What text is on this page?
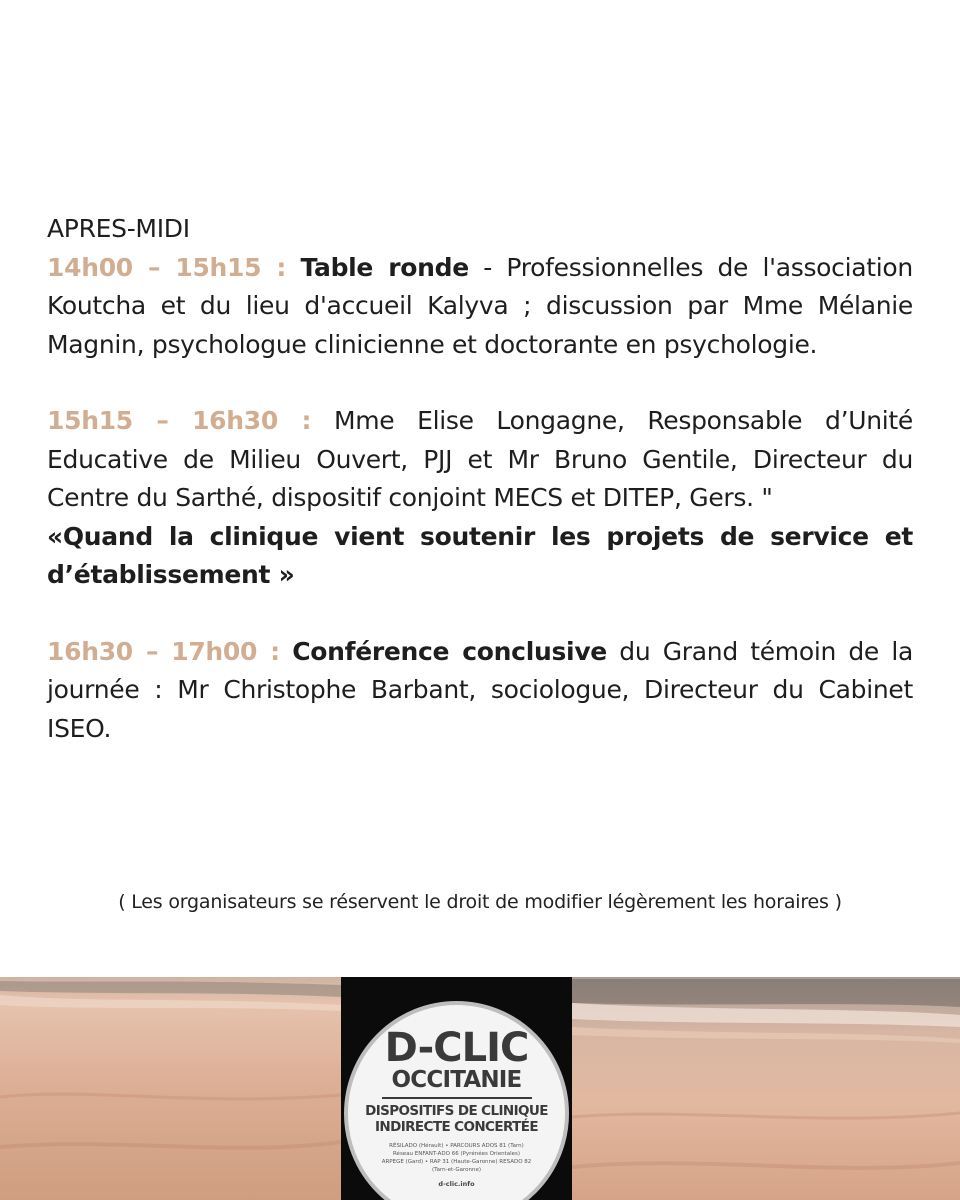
APRES-MIDI

14h00 – 15h15 : Table ronde - Professionnelles de l'association Koutcha et du lieu d'accueil Kalyva ; discussion par Mme Mélanie Magnin, psychologue clinicienne et doctorante en psychologie.

15h15 – 16h30 : Mme Elise Longagne, Responsable d’Unité Educative de Milieu Ouvert, PJJ et Mr Bruno Gentile, Directeur du Centre du Sarthé, dispositif conjoint MECS et DITEP, Gers. "
«Quand la clinique vient soutenir les projets de service et d’établissement »

16h30 – 17h00 : Conférence conclusive du Grand témoin de la journée : Mr Christophe Barbant, sociologue, Directeur du Cabinet ISEO.

( Les organisateurs se réservent le droit de modifier légèrement les horaires )
D-CLIC
OCCITANIE
DISPOSITIFS DE CLINIQUE
INDIRECTE CONCERTÉE
RÉSILADO (Hérault) • PARCOURS ADOS 81 (Tarn) Réseau ENFANT-ADO 66 (Pyrénées Orientales) ARPEGE (Gard) • RAP 31 (Haute-Garonne) RESADO 82 (Tarn-et-Garonne)
d-clic.info
